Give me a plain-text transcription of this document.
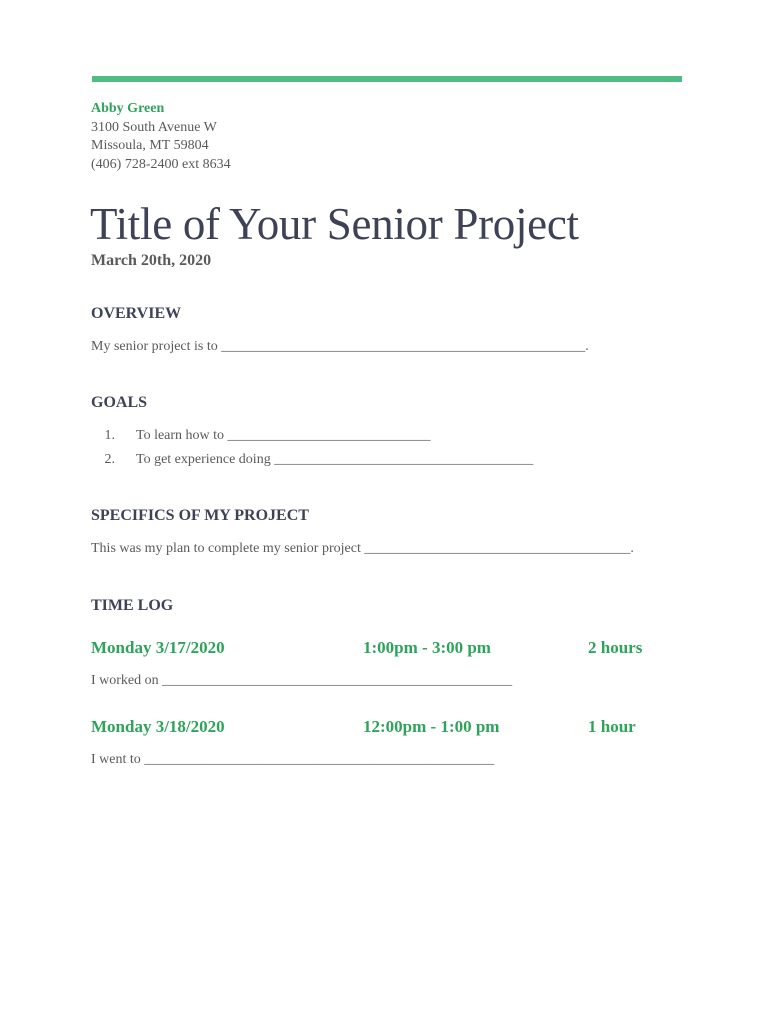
Abby Green
3100 South Avenue W
Missoula, MT 59804
(406) 728-2400 ext 8634
Title of Your Senior Project
March 20th, 2020
OVERVIEW
My senior project is to ____________________________________________________.
GOALS
1. To learn how to _____________________________
2. To get experience doing _____________________________________
SPECIFICS OF MY PROJECT
This was my plan to complete my senior project ______________________________________.
TIME LOG
Monday 3/17/2020	1:00pm - 3:00 pm	2 hours
I worked on __________________________________________________
Monday 3/18/2020	12:00pm - 1:00 pm	1 hour
I went to __________________________________________________
